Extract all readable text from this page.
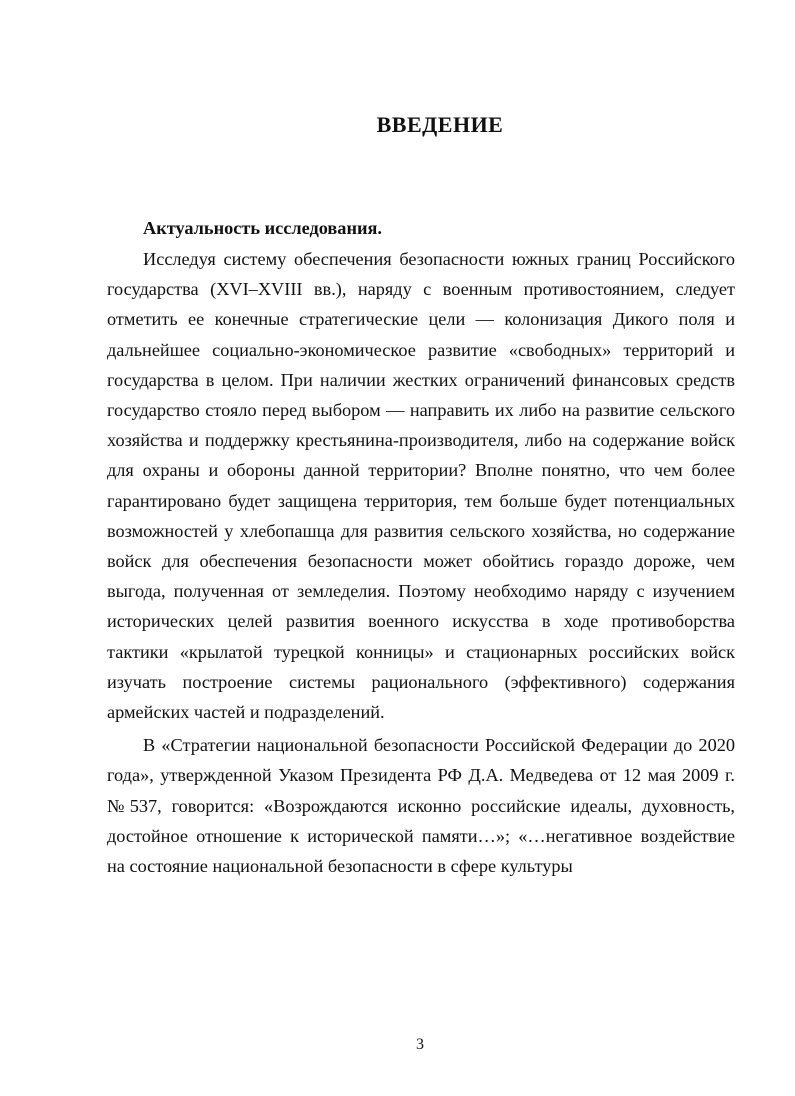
ВВЕДЕНИЕ

Актуальность исследования.

Исследуя систему обеспечения безопасности южных границ Российского государства (XVI–XVIII вв.), наряду с военным противостоянием, следует отметить ее конечные стратегические цели — колонизация Дикого поля и дальнейшее социально-экономическое развитие «свободных» территорий и государства в целом. При наличии жестких ограничений финансовых средств государство стояло перед выбором — направить их либо на развитие сельского хозяйства и поддержку крестьянина-производителя, либо на содержание войск для охраны и обороны данной территории? Вполне понятно, что чем более гарантировано будет защищена территория, тем больше будет потенциальных возможностей у хлебопашца для развития сельского хозяйства, но содержание войск для обеспечения безопасности может обойтись гораздо дороже, чем выгода, полученная от земледелия. Поэтому необходимо наряду с изучением исторических целей развития военного искусства в ходе противоборства тактики «крылатой турецкой конницы» и стационарных российских войск изучать построение системы рационального (эффективного) содержания армейских частей и подразделений.

В «Стратегии национальной безопасности Российской Федерации до 2020 года», утвержденной Указом Президента РФ Д.А. Медведева от 12 мая 2009 г. №537, говорится: «Возрождаются исконно российские идеалы, духовность, достойное отношение к исторической памяти…»; «…негативное воздействие на состояние национальной безопасности в сфере культуры

3
